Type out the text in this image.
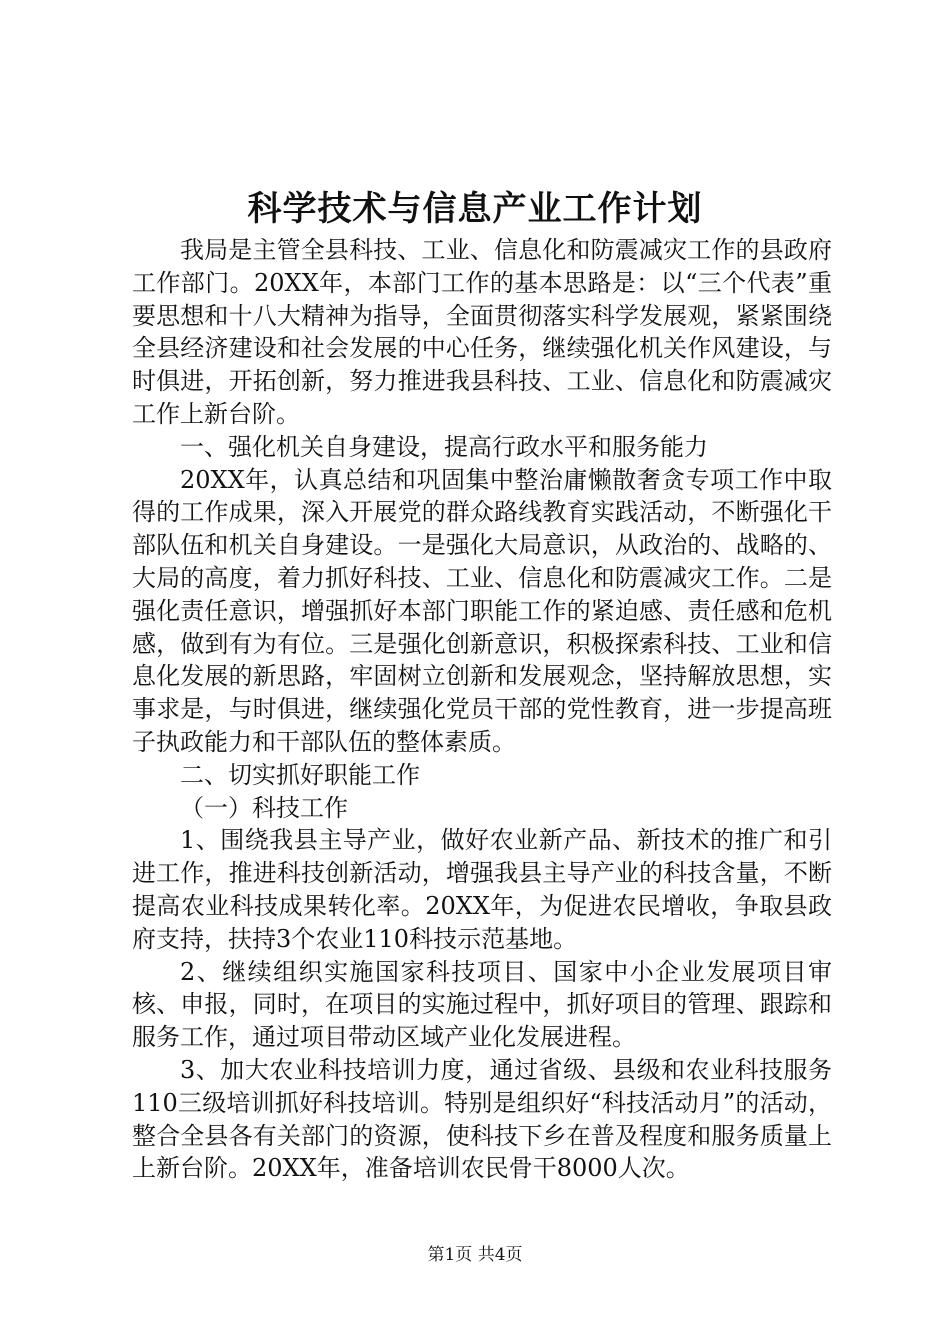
科学技术与信息产业工作计划

我局是主管全县科技、工业、信息化和防震减灾工作的县政府工作部门。20XX年，本部门工作的基本思路是：以“三个代表”重要思想和十八大精神为指导，全面贯彻落实科学发展观，紧紧围绕全县经济建设和社会发展的中心任务，继续强化机关作风建设，与时俱进，开拓创新，努力推进我县科技、工业、信息化和防震减灾工作上新台阶。

一、强化机关自身建设，提高行政水平和服务能力

20XX年，认真总结和巩固集中整治庸懒散奢贪专项工作中取得的工作成果，深入开展党的群众路线教育实践活动，不断强化干部队伍和机关自身建设。一是强化大局意识，从政治的、战略的、大局的高度，着力抓好科技、工业、信息化和防震减灾工作。二是强化责任意识，增强抓好本部门职能工作的紧迫感、责任感和危机感，做到有为有位。三是强化创新意识，积极探索科技、工业和信息化发展的新思路，牢固树立创新和发展观念，坚持解放思想，实事求是，与时俱进，继续强化党员干部的党性教育，进一步提高班子执政能力和干部队伍的整体素质。

二、切实抓好职能工作

（一）科技工作

1、围绕我县主导产业，做好农业新产品、新技术的推广和引进工作，推进科技创新活动，增强我县主导产业的科技含量，不断提高农业科技成果转化率。20XX年，为促进农民增收，争取县政府支持，扶持3个农业110科技示范基地。

2、继续组织实施国家科技项目、国家中小企业发展项目审核、申报，同时，在项目的实施过程中，抓好项目的管理、跟踪和服务工作，通过项目带动区域产业化发展进程。

3、加大农业科技培训力度，通过省级、县级和农业科技服务110三级培训抓好科技培训。特别是组织好“科技活动月”的活动，整合全县各有关部门的资源，使科技下乡在普及程度和服务质量上上新台阶。20XX年，准备培训农民骨干8000人次。

第1页 共4页
